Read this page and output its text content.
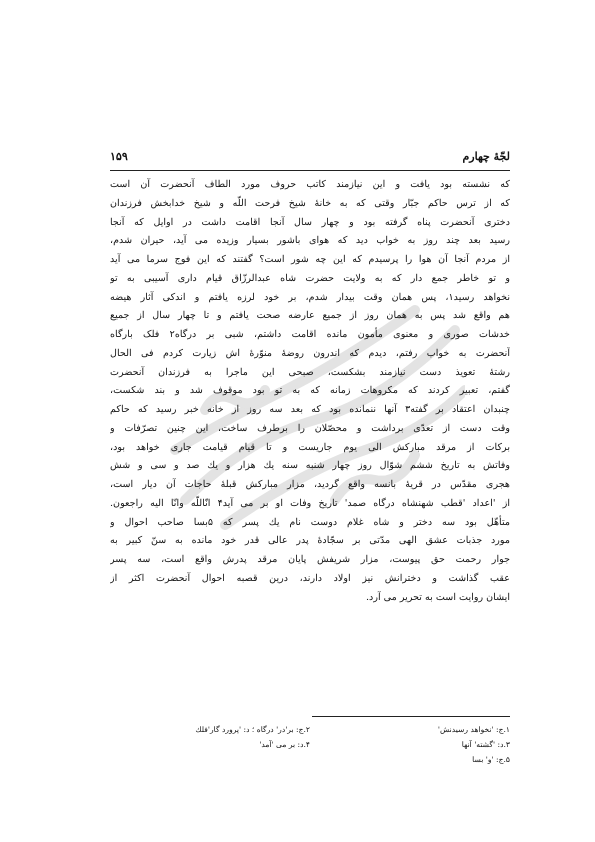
لجّۀ چهارم
۱۵۹
که نشسته بود یافت و این نیازمند کاتب حروف مورد الطاف آنحضرت آن است
که از ترس حاکم جبّار وقتی که به خانۀ شیخ فرحت اللّه و شیخ خدابخش فرزندان
دختری آنحضرت پناه گرفته بود و چهار سال آنجا اقامت داشت در اوایل که آنجا
رسید بعد چند روز به خواب دید که هوای باشور بسیار وزیده می آید، حیران شدم،
از مردم آنجا آن هوا را پرسیدم که این چه شور است؟ گفتند که این فوج سرما می آید
و تو خاطر جمع دار که به ولایت حضرت شاه عبدالرزّاق قیام داری آسیبی به تو
نخواهد رسید۱، پس همان وقت بیدار شدم، بر خود لرزه یافتم و اندکی آثار هیضه
هم واقع شد پس به همان روز از جمیع عارضه صحت یافتم و تا چهار سال از جمیع
خدشات صوری و معنوی مأمون مانده اقامت داشتم، شبی بر درگاه۲ فلک بارگاه
آنحضرت به خواب رفتم، دیدم که اندرون روضۀ منوّرۀ اش زیارت کردم فی الحال
رشتۀ تعویذ دست نیازمند بشکست، صبحی این ماجرا به فرزندان آنحضرت
گفتم، تعبیر کردند که مکروهات زمانه که به تو بود موقوف شد و بند شکست،
چنبدان اعتقاد بر گفته۳ آنها ننمانده بود که بعد سه روز از خانه خبر رسید که حاکم
وقت دست از تعدّی برداشت و محصّلان را برطرف ساخت، این چنین تصرّفات و
برکات از مرقد مبارکش الی یوم جاریست و تا قیام قیامت جاری خواهد بود،
وفاتش به تاریخ ششم شوّال روز چهار شنبه سنه یك هزار و یك صد و سی و شش
هجری مقدّس در قریۀ بانسه واقع گردید، مزار مبارکش قبلۀ حاجات آن دیار است،
از 'اعداد 'قطب شهنشاه درگاه صمد' تاریخ وفات او بر می آید۴ انّاللّه وانّا الیه راجعون.
متأهّل بود سه دختر و شاه غلام دوست نام یك پسر که ۵بسا صاحب احوال و
مورد جذبات عشق الهی مدّتی بر سجّادۀ پدر عالی قدر خود مانده به سنّ کبیر به
جوار رحمت حق پیوست، مزار شریفش پایان مرقد پدرش واقع است، سه پسر
عقب گذاشت و دخترانش نیز اولاد دارند، درین قصبه احوال آنحضرت اکثر از
ایشان روایت است به تحریر می آرد.
۱.ج: 'نخواهد رسیدنش'
۲.ج: بر'در' درگاه ؛ د: 'پرورد گار'فلك
۳.د: 'گشته' آنها
۴.د: بر می 'آمد'
۵.ج: 'و' بسا
